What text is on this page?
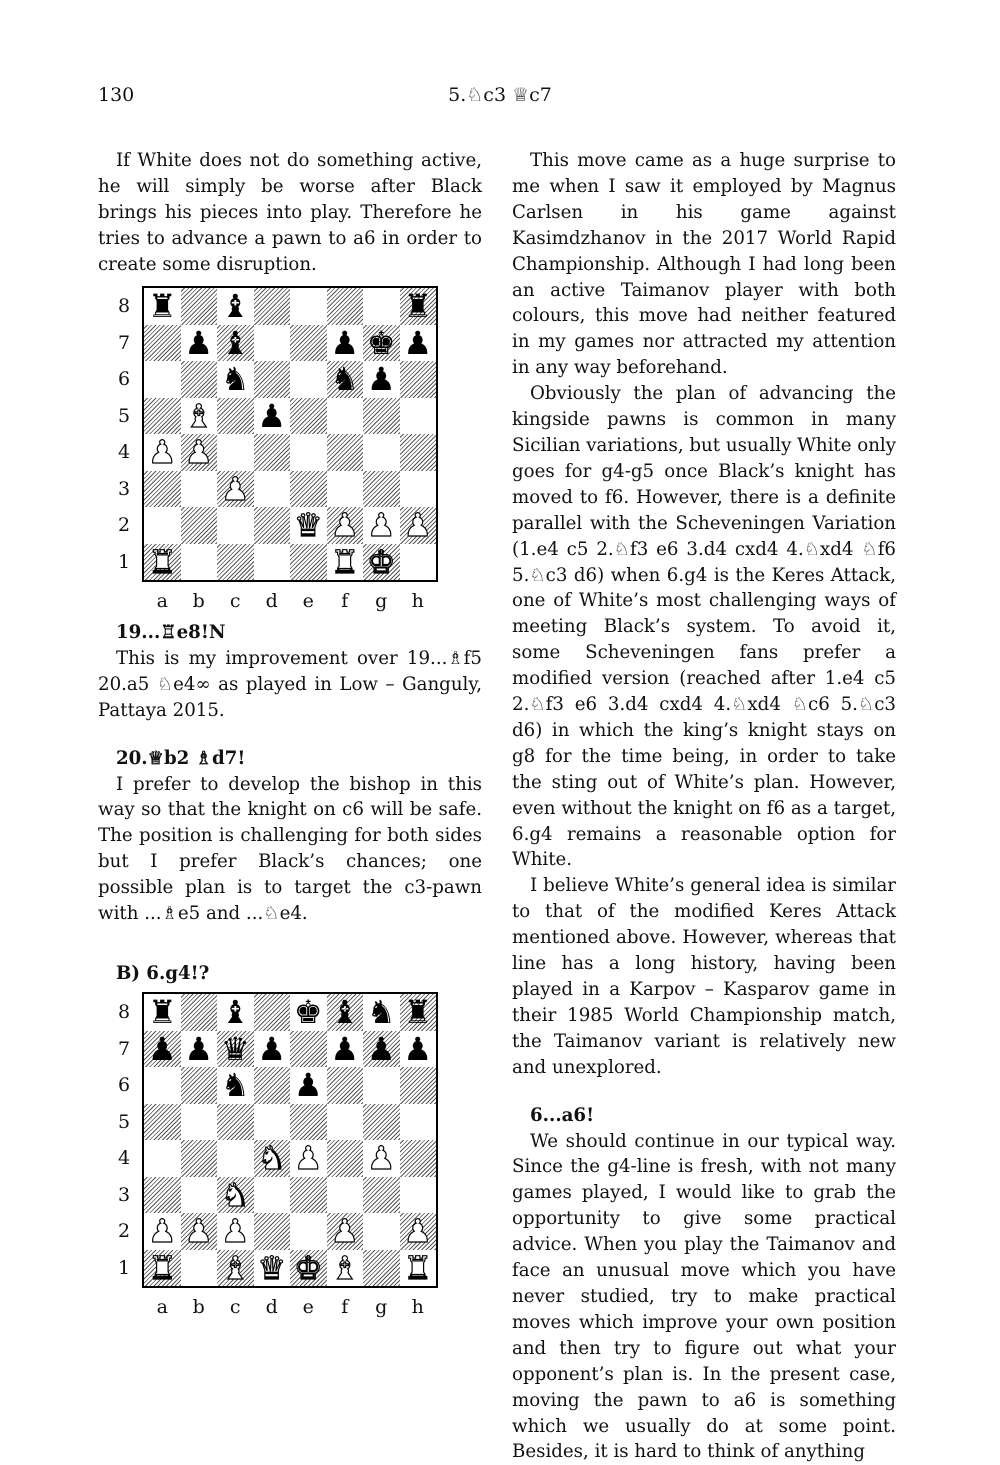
130	5.♘c3 ♕c7

If White does not do something active, he will simply be worse after Black brings his pieces into play. Therefore he tries to advance a pawn to a6 in order to create some disruption.

♜ ♝	♜
♟ ♝	♟ ♚ ♟
♞	♞ ♟
♝ ♟
♟ ♟
♟
♛ ♟ ♟ ♟
♜	♜ ♚
8
7
6
5
4
3
2
1
a	b	c	d	e	f	g	h

19...♖e8!N

This is my improvement over 19...♗f5 20.a5 ♘e4∞ as played in Low – Ganguly, Pattaya 2015.

20.♕b2 ♗d7!

I prefer to develop the bishop in this way so that the knight on c6 will be safe. The position is challenging for both sides but I prefer Black’s chances; one possible plan is to target the c3-pawn with ...♗e5 and ...♘e4.

B) 6.g4!?

♜ ♝ ♚ ♝ ♞ ♜
♟ ♟ ♛ ♟ ♟ ♟ ♟
♞ ♟
♞ ♟ ♟
♞
♟ ♟ ♟	♟ ♟
♜ ♝ ♛ ♚ ♝ ♜
8
7
6
5
4
3
2
1
a	b	c	d	e	f	g	h

This move came as a huge surprise to me when I saw it employed by Magnus Carlsen in his game against Kasimdzhanov in the 2017 World Rapid Championship. Although I had long been an active Taimanov player with both colours, this move had neither featured in my games nor attracted my attention in any way beforehand.

Obviously the plan of advancing the kingside pawns is common in many Sicilian variations, but usually White only goes for g4-g5 once Black’s knight has moved to f6. However, there is a definite parallel with the Scheveningen Variation (1.e4 c5 2.♘f3 e6 3.d4 cxd4 4.♘xd4 ♘f6 5.♘c3 d6) when 6.g4 is the Keres Attack, one of White’s most challenging ways of meeting Black’s system. To avoid it, some Scheveningen fans prefer a modified version (reached after 1.e4 c5 2.♘f3 e6 3.d4 cxd4 4.♘xd4 ♘c6 5.♘c3 d6) in which the king’s knight stays on g8 for the time being, in order to take the sting out of White’s plan. However, even without the knight on f6 as a target, 6.g4 remains a reasonable option for White.

I believe White’s general idea is similar to that of the modified Keres Attack mentioned above. However, whereas that line has a long history, having been played in a Karpov – Kasparov game in their 1985 World Championship match, the Taimanov variant is relatively new and unexplored.

6...a6!

We should continue in our typical way. Since the g4-line is fresh, with not many games played, I would like to grab the opportunity to give some practical advice. When you play the Taimanov and face an unusual move which you have never studied, try to make practical moves which improve your own position and then try to figure out what your opponent’s plan is. In the present case, moving the pawn to a6 is something which we usually do at some point. Besides, it is hard to think of anything
